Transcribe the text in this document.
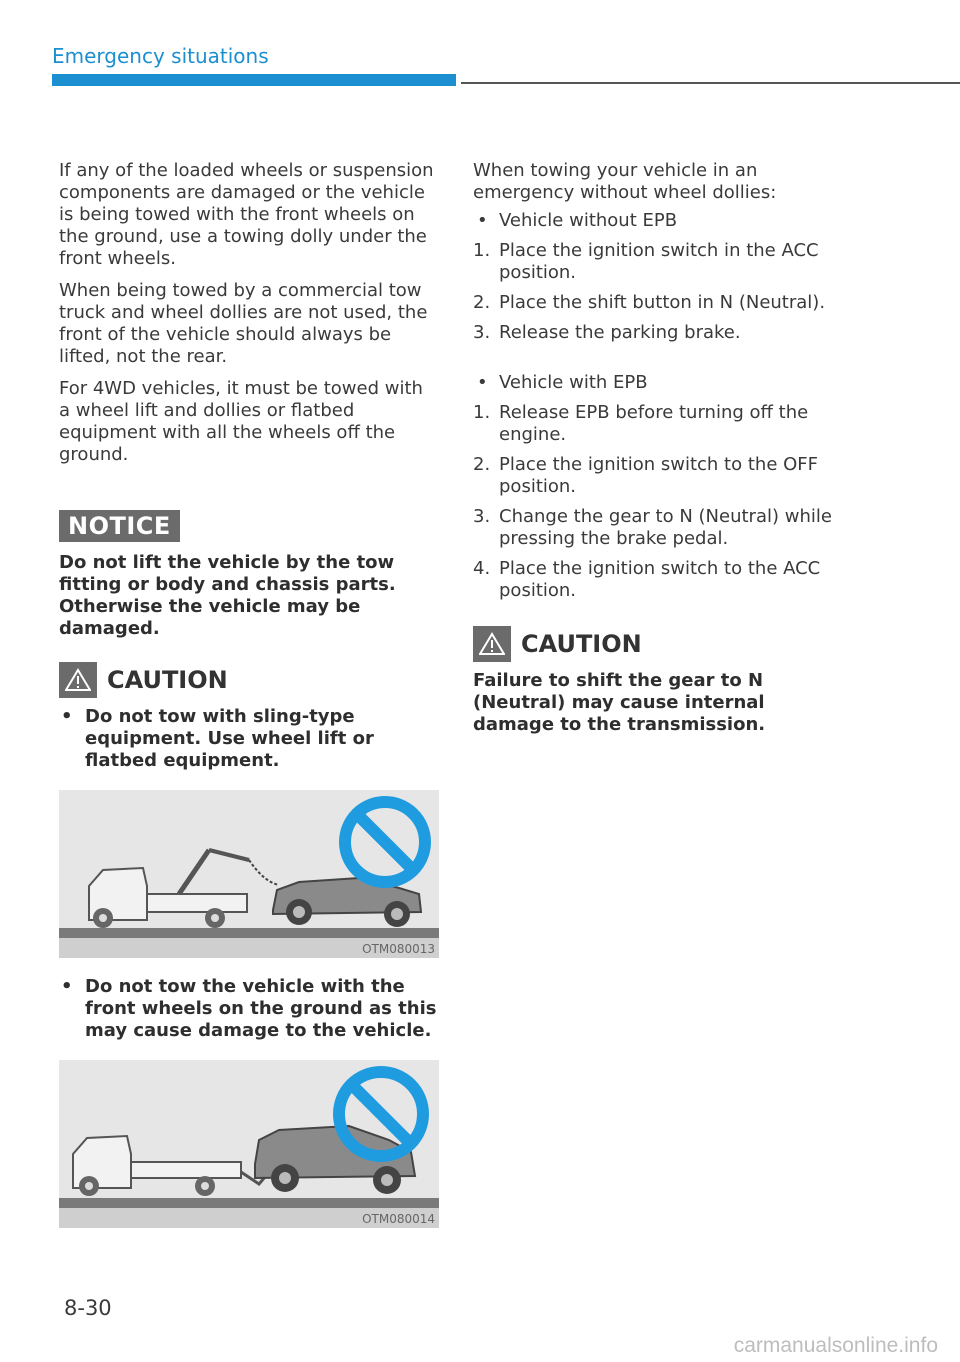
Emergency situations

If any of the loaded wheels or suspension components are damaged or the vehicle is being towed with the front wheels on the ground, use a towing dolly under the front wheels.

When being towed by a commercial tow truck and wheel dollies are not used, the front of the vehicle should always be lifted, not the rear.

For 4WD vehicles, it must be towed with a wheel lift and dollies or flatbed equipment with all the wheels off the ground.

NOTICE

Do not lift the vehicle by the tow fitting or body and chassis parts. Otherwise the vehicle may be damaged.

CAUTION
• Do not tow with sling-type equipment. Use wheel lift or flatbed equipment.
OTM080013
• Do not tow the vehicle with the front wheels on the ground as this may cause damage to the vehicle.
OTM080014

When towing your vehicle in an emergency without wheel dollies:

• Vehicle without EPB
1. Place the ignition switch in the ACC position.
2. Place the shift button in N (Neutral).
3. Release the parking brake.
• Vehicle with EPB
1. Release EPB before turning off the engine.
2. Place the ignition switch to the OFF position.
3. Change the gear to N (Neutral) while pressing the brake pedal.
4. Place the ignition switch to the ACC position.
CAUTION

Failure to shift the gear to N (Neutral) may cause internal damage to the transmission.

8-30
carmanualsonline.info
